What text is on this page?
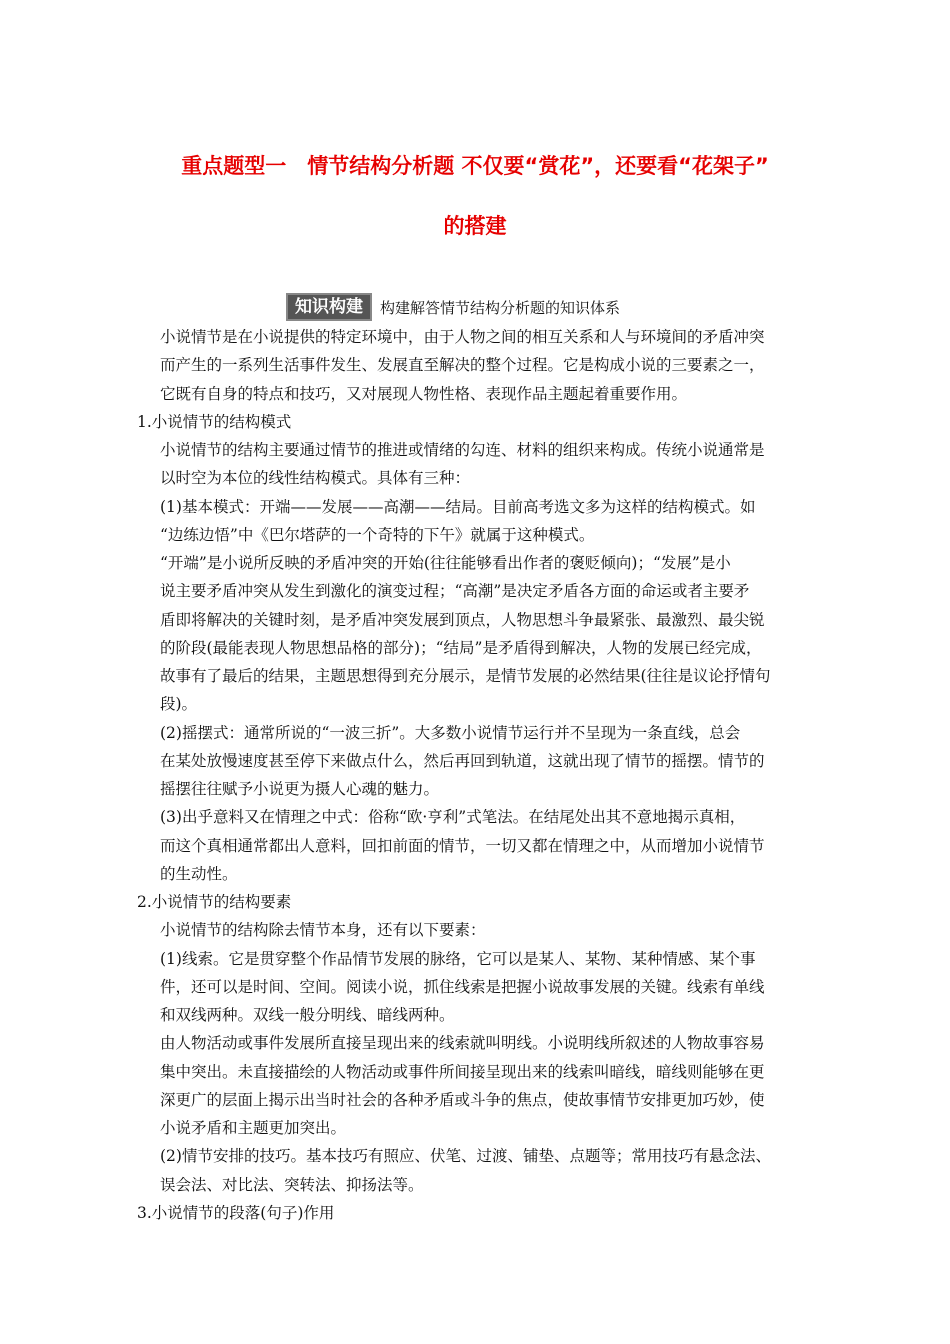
重点题型一　情节结构分析题 不仅要“赏花”，还要看“花架子”
的搭建
知识构建	构建解答情节结构分析题的知识体系
小说情节是在小说提供的特定环境中，由于人物之间的相互关系和人与环境间的矛盾冲突
而产生的一系列生活事件发生、发展直至解决的整个过程。它是构成小说的三要素之一，
它既有自身的特点和技巧，又对展现人物性格、表现作品主题起着重要作用。
1.小说情节的结构模式
小说情节的结构主要通过情节的推进或情绪的勾连、材料的组织来构成。传统小说通常是
以时空为本位的线性结构模式。具体有三种：
(1)基本模式：开端——发展——高潮——结局。目前高考选文多为这样的结构模式。如
“边练边悟”中《巴尔塔萨的一个奇特的下午》就属于这种模式。
“开端”是小说所反映的矛盾冲突的开始(往往能够看出作者的褒贬倾向)；“发展”是小
说主要矛盾冲突从发生到激化的演变过程；“高潮”是决定矛盾各方面的命运或者主要矛
盾即将解决的关键时刻，是矛盾冲突发展到顶点，人物思想斗争最紧张、最激烈、最尖锐
的阶段(最能表现人物思想品格的部分)；“结局”是矛盾得到解决，人物的发展已经完成，
故事有了最后的结果，主题思想得到充分展示，是情节发展的必然结果(往往是议论抒情句
段)。
(2)摇摆式：通常所说的“一波三折”。大多数小说情节运行并不呈现为一条直线，总会
在某处放慢速度甚至停下来做点什么，然后再回到轨道，这就出现了情节的摇摆。情节的
摇摆往往赋予小说更为摄人心魂的魅力。
(3)出乎意料又在情理之中式：俗称“欧·亨利”式笔法。在结尾处出其不意地揭示真相，
而这个真相通常都出人意料，回扣前面的情节，一切又都在情理之中，从而增加小说情节
的生动性。
2.小说情节的结构要素
小说情节的结构除去情节本身，还有以下要素：
(1)线索。它是贯穿整个作品情节发展的脉络，它可以是某人、某物、某种情感、某个事
件，还可以是时间、空间。阅读小说，抓住线索是把握小说故事发展的关键。线索有单线
和双线两种。双线一般分明线、暗线两种。
由人物活动或事件发展所直接呈现出来的线索就叫明线。小说明线所叙述的人物故事容易
集中突出。未直接描绘的人物活动或事件所间接呈现出来的线索叫暗线，暗线则能够在更
深更广的层面上揭示出当时社会的各种矛盾或斗争的焦点，使故事情节安排更加巧妙，使
小说矛盾和主题更加突出。
(2)情节安排的技巧。基本技巧有照应、伏笔、过渡、铺垫、点题等；常用技巧有悬念法、
误会法、对比法、突转法、抑扬法等。
3.小说情节的段落(句子)作用
